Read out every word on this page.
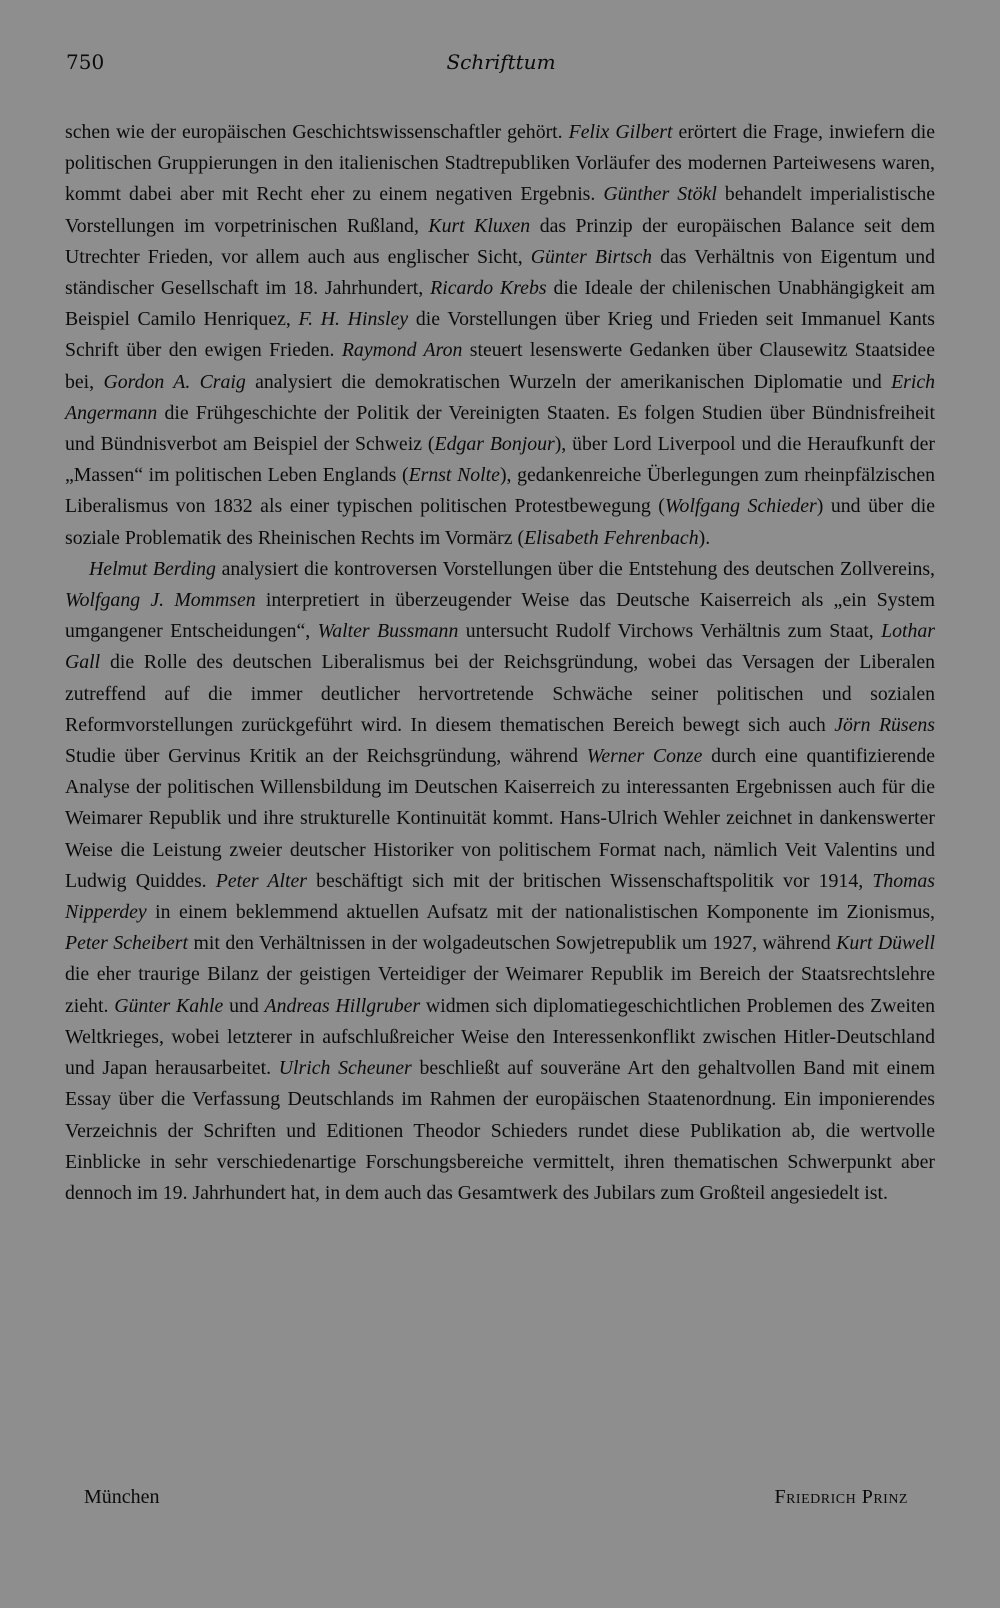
750	Schrifttum

schen wie der europäischen Geschichtswissenschaftler gehört. Felix Gilbert erörtert die Frage, inwiefern die politischen Gruppierungen in den italienischen Stadtrepubliken Vorläufer des modernen Parteiwesens waren, kommt dabei aber mit Recht eher zu einem negativen Ergebnis. Günther Stökl behandelt imperialistische Vorstellungen im vorpetrinischen Rußland, Kurt Kluxen das Prinzip der europäischen Balance seit dem Utrechter Frieden, vor allem auch aus englischer Sicht, Günter Birtsch das Verhältnis von Eigentum und ständischer Gesellschaft im 18. Jahrhundert, Ricardo Krebs die Ideale der chilenischen Unabhängigkeit am Beispiel Camilo Henriquez, F. H. Hinsley die Vorstellungen über Krieg und Frieden seit Immanuel Kants Schrift über den ewigen Frieden. Raymond Aron steuert lesenswerte Gedanken über Clausewitz Staatsidee bei, Gordon A. Craig analysiert die demokratischen Wurzeln der amerikanischen Diplomatie und Erich Angermann die Frühgeschichte der Politik der Vereinigten Staaten. Es folgen Studien über Bündnisfreiheit und Bündnisverbot am Beispiel der Schweiz (Edgar Bonjour), über Lord Liverpool und die Heraufkunft der „Massen“ im politischen Leben Englands (Ernst Nolte), gedankenreiche Überlegungen zum rheinpfälzischen Liberalismus von 1832 als einer typischen politischen Protestbewegung (Wolfgang Schieder) und über die soziale Problematik des Rheinischen Rechts im Vormärz (Elisabeth Fehrenbach).

Helmut Berding analysiert die kontroversen Vorstellungen über die Entstehung des deutschen Zollvereins, Wolfgang J. Mommsen interpretiert in überzeugender Weise das Deutsche Kaiserreich als „ein System umgangener Entscheidungen“, Walter Bussmann untersucht Rudolf Virchows Verhältnis zum Staat, Lothar Gall die Rolle des deutschen Liberalismus bei der Reichsgründung, wobei das Versagen der Liberalen zutreffend auf die immer deutlicher hervortretende Schwäche seiner politischen und sozialen Reformvorstellungen zurückgeführt wird. In diesem thematischen Bereich bewegt sich auch Jörn Rüsens Studie über Gervinus Kritik an der Reichsgründung, während Werner Conze durch eine quantifizierende Analyse der politischen Willensbildung im Deutschen Kaiserreich zu interessanten Ergebnissen auch für die Weimarer Republik und ihre strukturelle Kontinuität kommt. Hans-Ulrich Wehler zeichnet in dankenswerter Weise die Leistung zweier deutscher Historiker von politischem Format nach, nämlich Veit Valentins und Ludwig Quiddes. Peter Alter beschäftigt sich mit der britischen Wissenschaftspolitik vor 1914, Thomas Nipperdey in einem beklemmend aktuellen Aufsatz mit der nationalistischen Komponente im Zionismus, Peter Scheibert mit den Verhältnissen in der wolgadeutschen Sowjetrepublik um 1927, während Kurt Düwell die eher traurige Bilanz der geistigen Verteidiger der Weimarer Republik im Bereich der Staatsrechtslehre zieht. Günter Kahle und Andreas Hillgruber widmen sich diplomatiegeschichtlichen Problemen des Zweiten Weltkrieges, wobei letzterer in aufschlußreicher Weise den Interessenkonflikt zwischen Hitler-Deutschland und Japan herausarbeitet. Ulrich Scheuner beschließt auf souveräne Art den gehaltvollen Band mit einem Essay über die Verfassung Deutschlands im Rahmen der europäischen Staatenordnung. Ein imponierendes Verzeichnis der Schriften und Editionen Theodor Schieders rundet diese Publikation ab, die wertvolle Einblicke in sehr verschiedenartige Forschungsbereiche vermittelt, ihren thematischen Schwerpunkt aber dennoch im 19. Jahrhundert hat, in dem auch das Gesamtwerk des Jubilars zum Großteil angesiedelt ist.

München	Friedrich Prinz
